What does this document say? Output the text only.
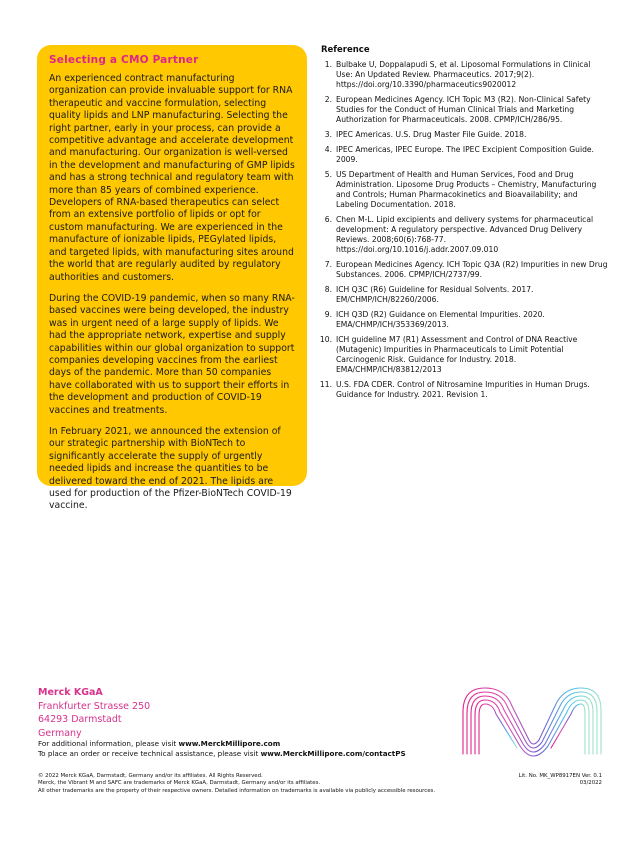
Selecting a CMO Partner

An experienced contract manufacturing organization can provide invaluable support for RNA therapeutic and vaccine formulation, selecting quality lipids and LNP manufacturing. Selecting the right partner, early in your process, can provide a competitive advantage and accelerate development and manufacturing. Our organization is well-versed in the development and manufacturing of GMP lipids and has a strong technical and regulatory team with more than 85 years of combined experience. Developers of RNA-based therapeutics can select from an extensive portfolio of lipids or opt for custom manufacturing. We are experienced in the manufacture of ionizable lipids, PEGylated lipids, and targeted lipids, with manufacturing sites around the world that are regularly audited by regulatory authorities and customers.

During the COVID-19 pandemic, when so many RNA-based vaccines were being developed, the industry was in urgent need of a large supply of lipids. We had the appropriate network, expertise and supply capabilities within our global organization to support companies developing vaccines from the earliest days of the pandemic. More than 50 companies have collaborated with us to support their efforts in the development and production of COVID-19 vaccines and treatments.

In February 2021, we announced the extension of our strategic partnership with BioNTech to significantly accelerate the supply of urgently needed lipids and increase the quantities to be delivered toward the end of 2021. The lipids are used for production of the Pfizer-BioNTech COVID-19 vaccine.

Reference
1. Bulbake U, Doppalapudi S, et al. Liposomal Formulations in Clinical Use: An Updated Review. Pharmaceutics. 2017;9(2). https://doi.org/10.3390/pharmaceutics9020012
2. European Medicines Agency. ICH Topic M3 (R2). Non-Clinical Safety Studies for the Conduct of Human Clinical Trials and Marketing Authorization for Pharmaceuticals. 2008. CPMP/ICH/286/95.
3. IPEC Americas. U.S. Drug Master File Guide. 2018.
4. IPEC Americas, IPEC Europe. The IPEC Excipient Composition Guide. 2009.
5. US Department of Health and Human Services, Food and Drug Administration. Liposome Drug Products – Chemistry, Manufacturing and Controls; Human Pharmacokinetics and Bioavailability; and Labeling Documentation. 2018.
6. Chen M-L. Lipid excipients and delivery systems for pharmaceutical development: A regulatory perspective. Advanced Drug Delivery Reviews. 2008;60(6):768-77. https://doi.org/10.1016/j.addr.2007.09.010
7. European Medicines Agency. ICH Topic Q3A (R2) Impurities in new Drug Substances. 2006. CPMP/ICH/2737/99.
8. ICH Q3C (R6) Guideline for Residual Solvents. 2017. EM/CHMP/ICH/82260/2006.
9. ICH Q3D (R2) Guidance on Elemental Impurities. 2020. EMA/CHMP/ICH/353369/2013.
10. ICH guideline M7 (R1) Assessment and Control of DNA Reactive (Mutagenic) Impurities in Pharmaceuticals to Limit Potential Carcinogenic Risk. Guidance for Industry. 2018. EMA/CHMP/ICH/83812/2013
11. U.S. FDA CDER. Control of Nitrosamine Impurities in Human Drugs. Guidance for Industry. 2021. Revision 1.
Merck KGaA
Frankfurter Strasse 250
64293 Darmstadt
Germany
For additional information, please visit www.MerckMillipore.com
To place an order or receive technical assistance, please visit www.MerckMillipore.com/contactPS
© 2022 Merck KGaA, Darmstadt, Germany and/or its affiliates. All Rights Reserved.
Merck, the Vibrant M and SAFC are trademarks of Merck KGaA, Darmstadt, Germany and/or its affiliates.
All other trademarks are the property of their respective owners. Detailed information on trademarks is available via publicly accessible resources.
Lit. No. MK_WP8917EN Ver. 0.1
03/2022
